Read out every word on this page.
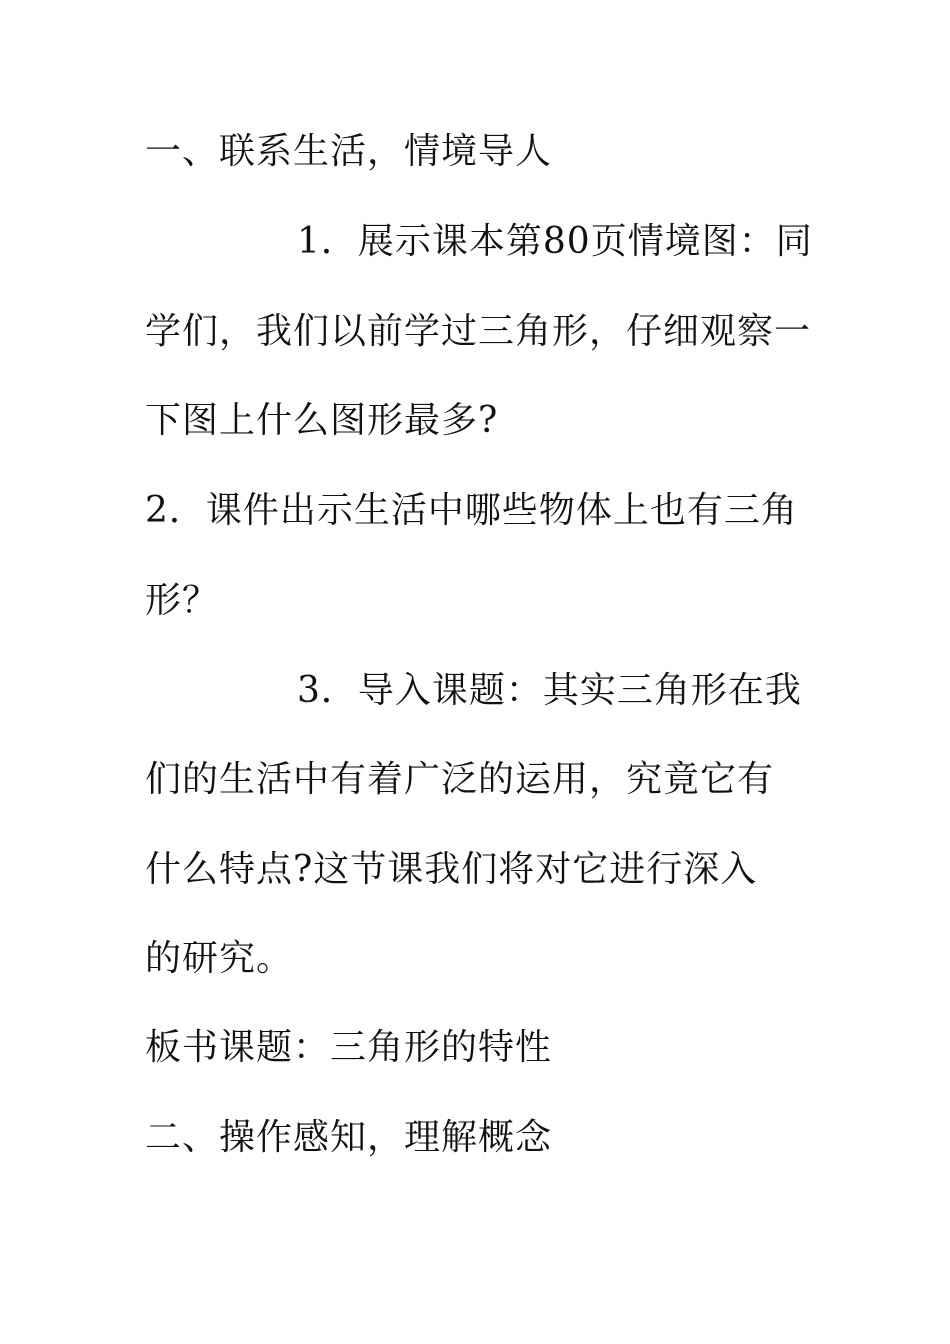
一、联系生活，情境导人
1．展示课本第80页情境图：同
学们，我们以前学过三角形，仔细观察一
下图上什么图形最多?
2．课件出示生活中哪些物体上也有三角
形？
3．导入课题：其实三角形在我
们的生活中有着广泛的运用，究竟它有
什么特点?这节课我们将对它进行深入
的研究。
板书课题：三角形的特性
二、操作感知，理解概念
